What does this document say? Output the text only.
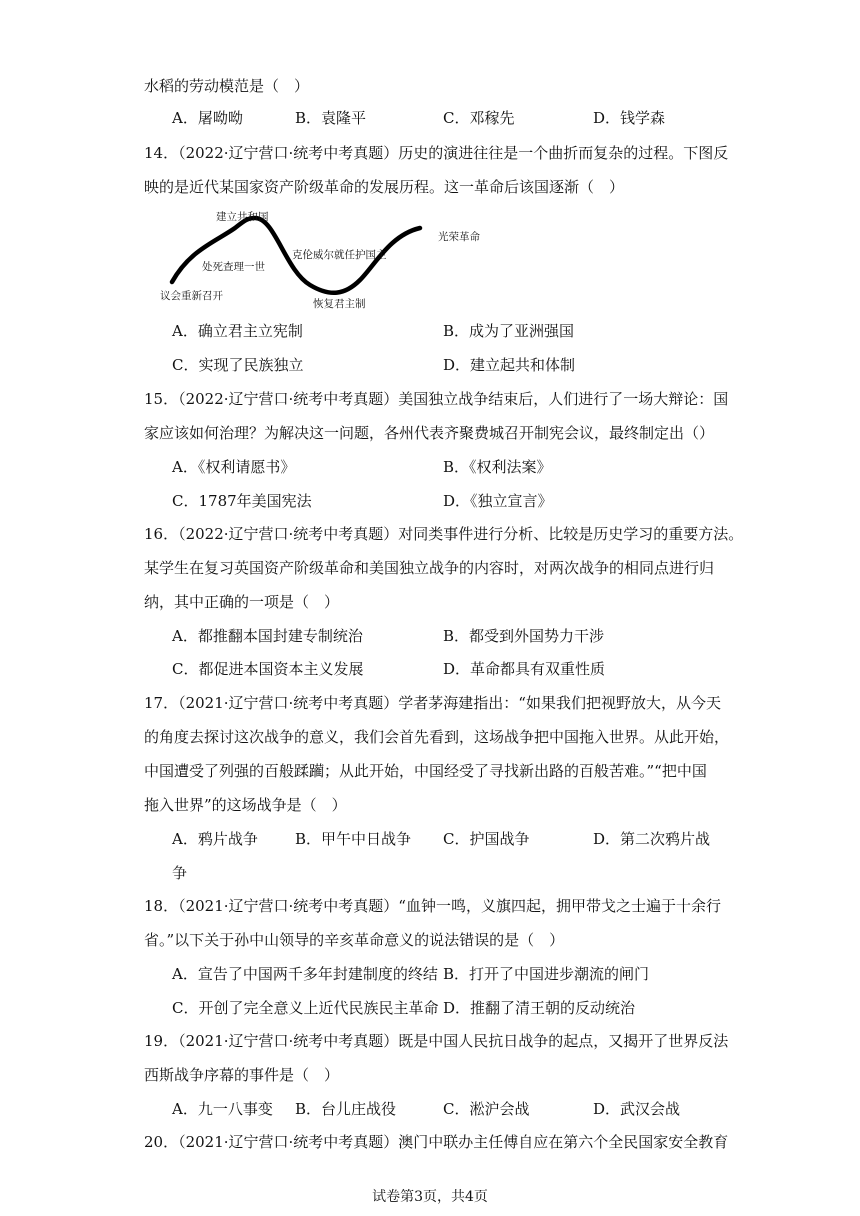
水稻的劳动模范是（　）
A．屠呦呦	B．袁隆平	C．邓稼先	D．钱学森
14．（2022·辽宁营口·统考中考真题）历史的演进往往是一个曲折而复杂的过程。下图反
映的是近代某国家资产阶级革命的发展历程。这一革命后该国逐渐（　）
建立共和国
处死查理一世
议会重新召开
克伦威尔就任护国主
恢复君主制
光荣革命
A．确立君主立宪制	B．成为了亚洲强国
C．实现了民族独立	D．建立起共和体制
15．（2022·辽宁营口·统考中考真题）美国独立战争结束后，人们进行了一场大辩论：国
家应该如何治理？为解决这一问题，各州代表齐聚费城召开制宪会议，最终制定出（）
A．《权利请愿书》	B．《权利法案》
C．1787年美国宪法	D．《独立宣言》
16．（2022·辽宁营口·统考中考真题）对同类事件进行分析、比较是历史学习的重要方法。
某学生在复习英国资产阶级革命和美国独立战争的内容时，对两次战争的相同点进行归
纳，其中正确的一项是（　）
A．都推翻本国封建专制统治	B．都受到外国势力干涉
C．都促进本国资本主义发展	D．革命都具有双重性质
17．（2021·辽宁营口·统考中考真题）学者茅海建指出：“如果我们把视野放大，从今天
的角度去探讨这次战争的意义，我们会首先看到，这场战争把中国拖入世界。从此开始，
中国遭受了列强的百般蹂躏；从此开始，中国经受了寻找新出路的百般苦难。”“把中国
拖入世界”的这场战争是（　）
A．鸦片战争 B．甲午中日战争 C．护国战争	D．第二次鸦片战
争
18．（2021·辽宁营口·统考中考真题）“血钟一鸣，义旗四起，拥甲带戈之士遍于十余行
省。”以下关于孙中山领导的辛亥革命意义的说法错误的是（　）
A．宣告了中国两千多年封建制度的终结 B．打开了中国进步潮流的闸门
C．开创了完全意义上近代民族民主革命 D．推翻了清王朝的反动统治
19．（2021·辽宁营口·统考中考真题）既是中国人民抗日战争的起点，又揭开了世界反法
西斯战争序幕的事件是（　）
A．九一八事变 B．台儿庄战役	C．淞沪会战	D．武汉会战
20．（2021·辽宁营口·统考中考真题）澳门中联办主任傅自应在第六个全民国家安全教育
试卷第3页，共4页
